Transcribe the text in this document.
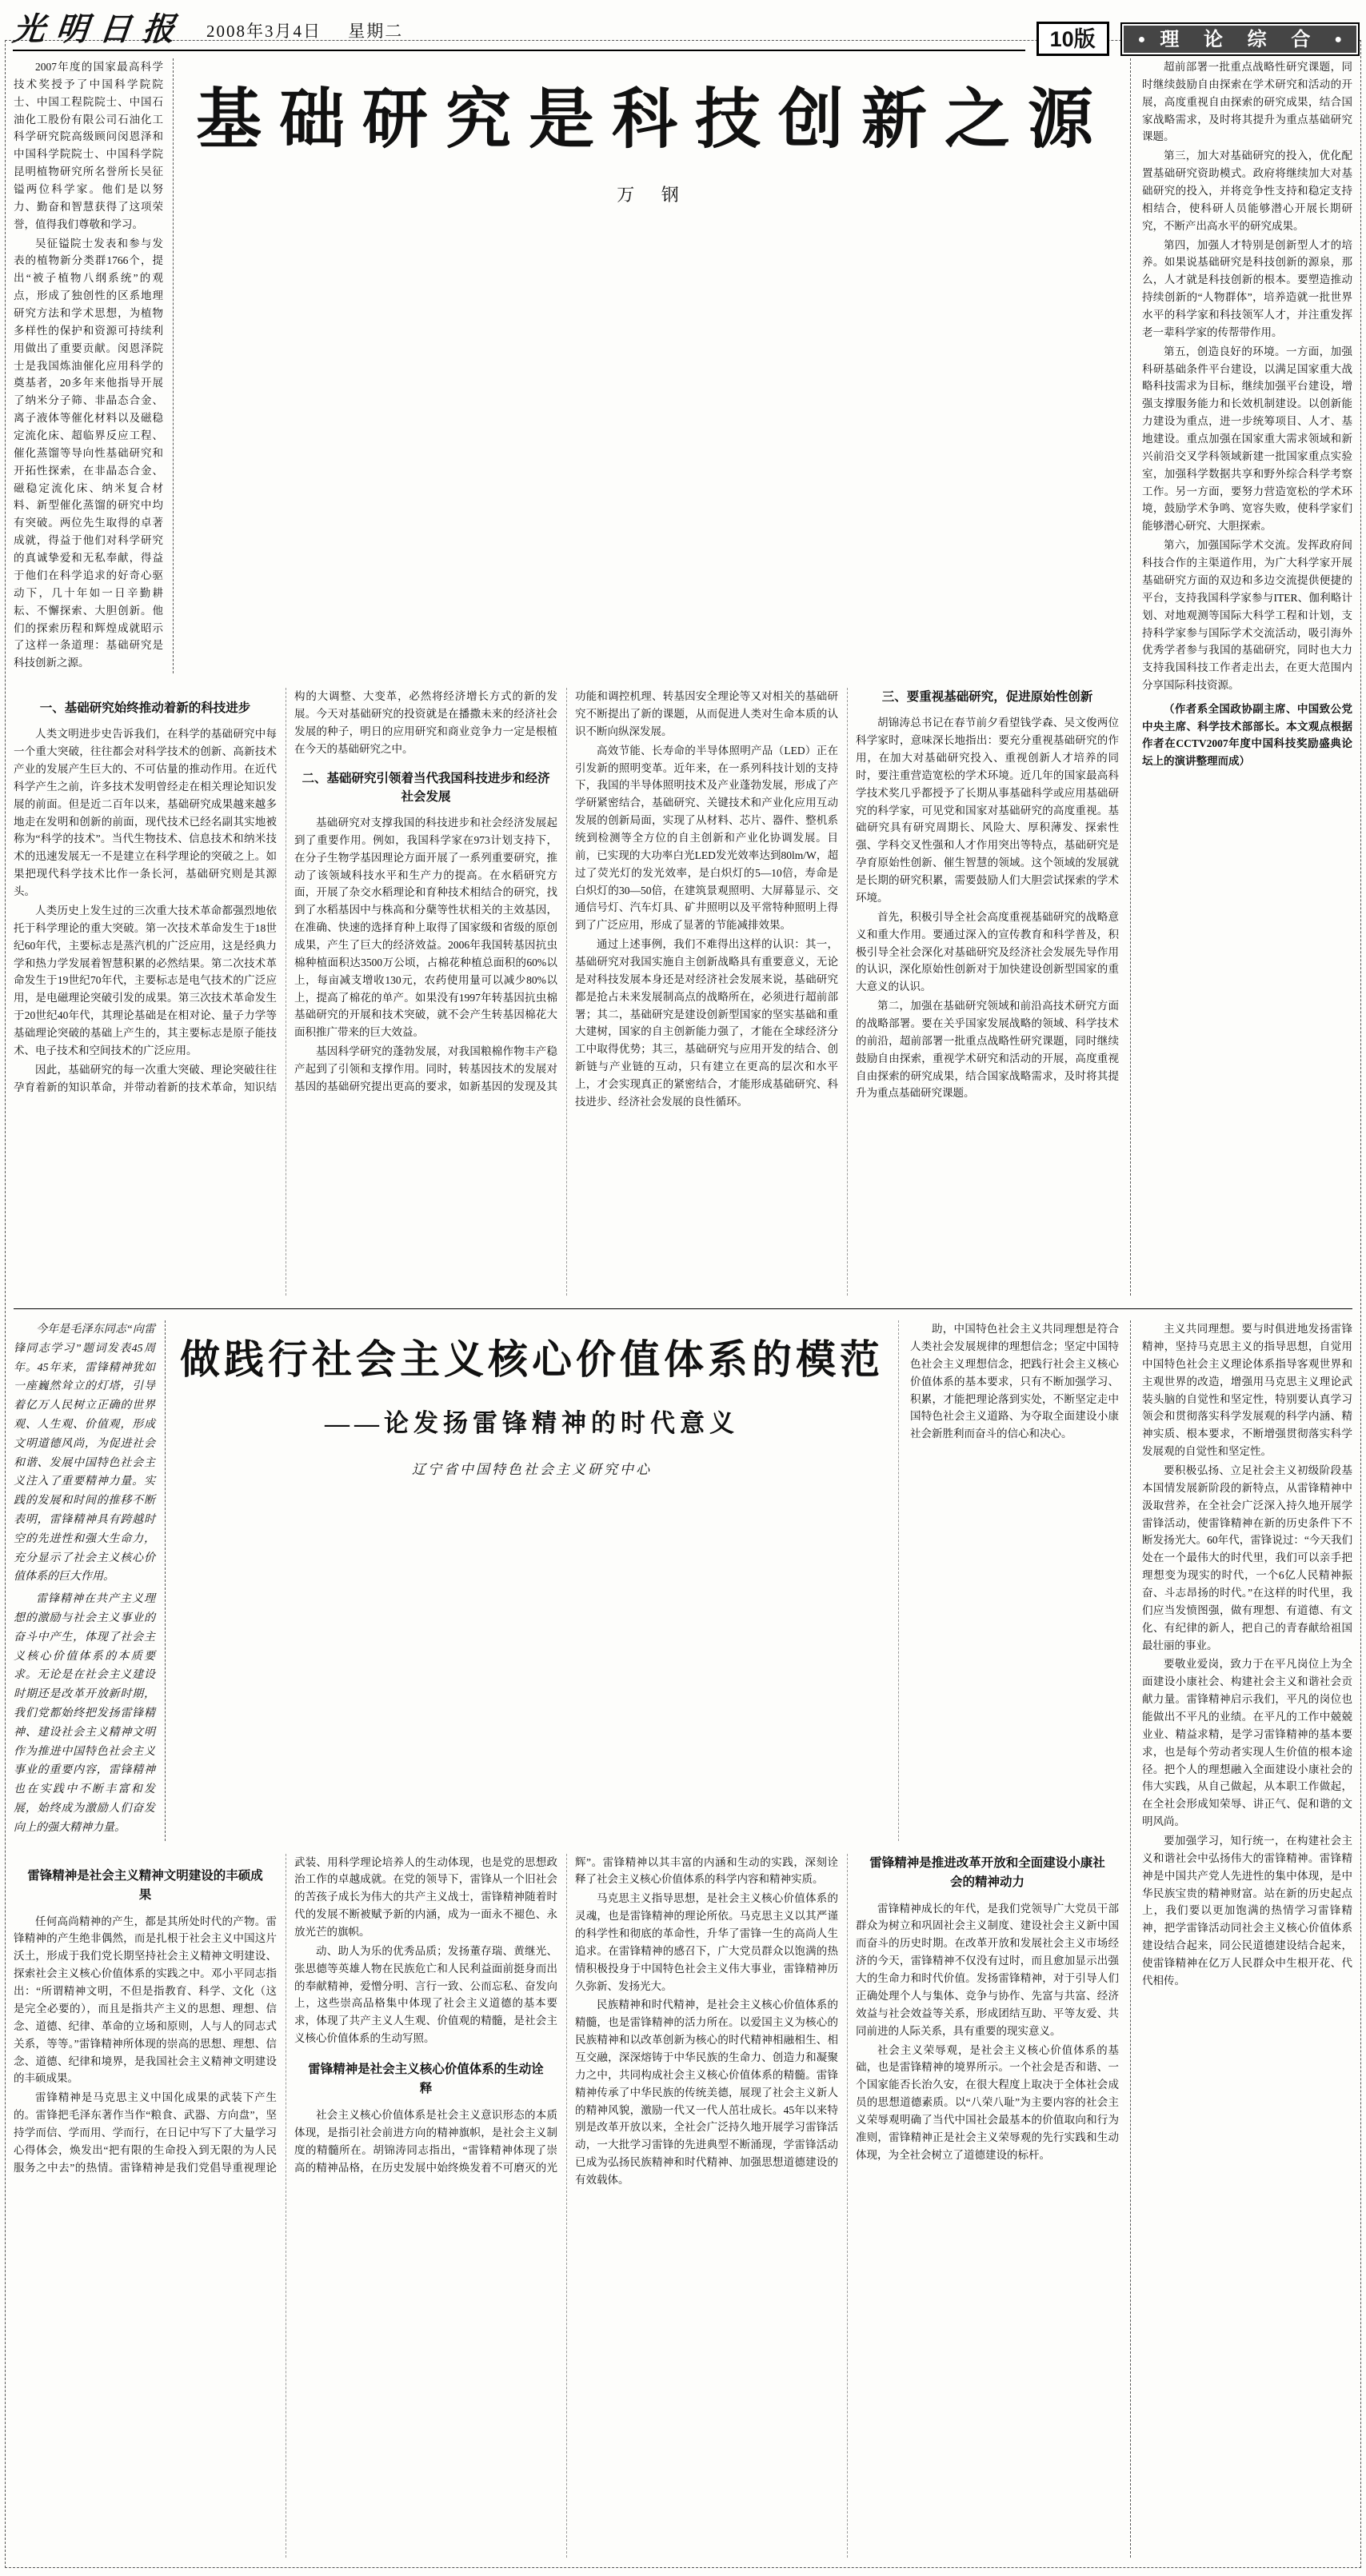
光明日报 2008年3月4日 星期二	10版	● 理 论 综 合 ●

2007年度的国家最高科学技术奖授予了中国科学院院士、中国工程院院士、中国石油化工股份有限公司石油化工科学研究院高级顾问闵恩泽和中国科学院院士、中国科学院昆明植物研究所名誉所长吴征镒两位科学家。他们是以努力、勤奋和智慧获得了这项荣誉，值得我们尊敬和学习。

吴征镒院士发表和参与发表的植物新分类群1766个，提出“被子植物八纲系统”的观点，形成了独创性的区系地理研究方法和学术思想，为植物多样性的保护和资源可持续利用做出了重要贡献。闵恩泽院士是我国炼油催化应用科学的奠基者，20多年来他指导开展了纳米分子筛、非晶态合金、离子液体等催化材料以及磁稳定流化床、超临界反应工程、催化蒸馏等导向性基础研究和开拓性探索，在非晶态合金、磁稳定流化床、纳米复合材料、新型催化蒸馏的研究中均有突破。两位先生取得的卓著成就，得益于他们对科学研究的真诚挚爱和无私奉献，得益于他们在科学追求的好奇心驱动下，几十年如一日辛勤耕耘、不懈探索、大胆创新。他们的探索历程和辉煌成就昭示了这样一条道理：基础研究是科技创新之源。

基础研究是科技创新之源
万 钢
一、基础研究始终推动着新的科技进步

人类文明进步史告诉我们，在科学的基础研究中每一个重大突破，往往都会对科学技术的创新、高新技术产业的发展产生巨大的、不可估量的推动作用。在近代科学产生之前，许多技术发明曾经走在相关理论知识发展的前面。但是近二百年以来，基础研究成果越来越多地走在发明和创新的前面，现代技术已经名副其实地被称为“科学的技术”。当代生物技术、信息技术和纳米技术的迅速发展无一不是建立在科学理论的突破之上。如果把现代科学技术比作一条长河，基础研究则是其源头。

人类历史上发生过的三次重大技术革命都强烈地依托于科学理论的重大突破。第一次技术革命发生于18世纪60年代，主要标志是蒸汽机的广泛应用，这是经典力学和热力学发展着智慧积累的必然结果。第二次技术革命发生于19世纪70年代，主要标志是电气技术的广泛应用，是电磁理论突破引发的成果。第三次技术革命发生于20世纪40年代，其理论基础是在相对论、量子力学等基础理论突破的基础上产生的，其主要标志是原子能技术、电子技术和空间技术的广泛应用。

因此，基础研究的每一次重大突破、理论突破往往孕育着新的知识革命，并带动着新的技术革命，知识结构的大调整、大变革，必然将经济增长方式的新的发展。今天对基础研究的投资就是在播撒未来的经济社会发展的种子，明日的应用研究和商业竞争力一定是根植在今天的基础研究之中。

二、基础研究引领着当代我国科技进步和经济社会发展

基础研究对支撑我国的科技进步和社会经济发展起到了重要作用。例如，我国科学家在973计划支持下，在分子生物学基因理论方面开展了一系列重要研究，推动了该领域科技水平和生产力的提高。在水稻研究方面，开展了杂交水稻理论和育种技术相结合的研究，找到了水稻基因中与株高和分蘖等性状相关的主效基因，在准确、快速的选择育种上取得了国家级和省级的原创成果，产生了巨大的经济效益。2006年我国转基因抗虫棉种植面积达3500万公顷，占棉花种植总面积的60%以上，每亩减支增收130元，农药使用量可以减少80%以上，提高了棉花的单产。如果没有1997年转基因抗虫棉基础研究的开展和技术突破，就不会产生转基因棉花大面积推广带来的巨大效益。

基因科学研究的蓬勃发展，对我国粮棉作物丰产稳产起到了引领和支撑作用。同时，转基因技术的发展对基因的基础研究提出更高的要求，如新基因的发现及其功能和调控机理、转基因安全理论等又对相关的基础研究不断提出了新的课题，从而促进人类对生命本质的认识不断向纵深发展。

高效节能、长寿命的半导体照明产品（LED）正在引发新的照明变革。近年来，在一系列科技计划的支持下，我国的半导体照明技术及产业蓬勃发展，形成了产学研紧密结合，基础研究、关键技术和产业化应用互动发展的创新局面，实现了从材料、芯片、器件、整机系统到检测等全方位的自主创新和产业化协调发展。目前，已实现的大功率白光LED发光效率达到80lm/W，超过了荧光灯的发光效率，是白炽灯的5—10倍，寿命是白炽灯的30—50倍，在建筑景观照明、大屏幕显示、交通信号灯、汽车灯具、矿井照明以及平常特种照明上得到了广泛应用，形成了显著的节能减排效果。

通过上述事例，我们不难得出这样的认识：其一，基础研究对我国实施自主创新战略具有重要意义，无论是对科技发展本身还是对经济社会发展来说，基础研究都是抢占未来发展制高点的战略所在，必须进行超前部署；其二，基础研究是建设创新型国家的坚实基础和重大建树，国家的自主创新能力强了，才能在全球经济分工中取得优势；其三，基础研究与应用开发的结合、创新链与产业链的互动，只有建立在更高的层次和水平上，才会实现真正的紧密结合，才能形成基础研究、科技进步、经济社会发展的良性循环。

三、要重视基础研究，促进原始性创新

胡锦涛总书记在春节前夕看望钱学森、吴文俊两位科学家时，意味深长地指出：要充分重视基础研究的作用，在加大对基础研究投入、重视创新人才培养的同时，要注重营造宽松的学术环境。近几年的国家最高科学技术奖几乎都授予了长期从事基础科学或应用基础研究的科学家，可见党和国家对基础研究的高度重视。基础研究具有研究周期长、风险大、厚积薄发、探索性强、学科交叉性强和人才作用突出等特点，基础研究是孕育原始性创新、催生智慧的领域。这个领域的发展就是长期的研究积累，需要鼓励人们大胆尝试探索的学术环境。

首先，积极引导全社会高度重视基础研究的战略意义和重大作用。要通过深入的宣传教育和科学普及，积极引导全社会深化对基础研究及经济社会发展先导作用的认识，深化原始性创新对于加快建设创新型国家的重大意义的认识。

第二，加强在基础研究领域和前沿高技术研究方面的战略部署。要在关乎国家发展战略的领域、科学技术的前沿，超前部署一批重点战略性研究课题，同时继续鼓励自由探索，重视学术研究和活动的开展，高度重视自由探索的研究成果，结合国家战略需求，及时将其提升为重点基础研究课题。

超前部署一批重点战略性研究课题，同时继续鼓励自由探索在学术研究和活动的开展，高度重视自由探索的研究成果，结合国家战略需求，及时将其提升为重点基础研究课题。

第三，加大对基础研究的投入，优化配置基础研究资助模式。政府将继续加大对基础研究的投入，并将竞争性支持和稳定支持相结合，使科研人员能够潜心开展长期研究，不断产出高水平的研究成果。

第四，加强人才特别是创新型人才的培养。如果说基础研究是科技创新的源泉，那么，人才就是科技创新的根本。要塑造推动持续创新的“人物群体”，培养造就一批世界水平的科学家和科技领军人才，并注重发挥老一辈科学家的传帮带作用。

第五，创造良好的环境。一方面，加强科研基础条件平台建设，以满足国家重大战略科技需求为目标，继续加强平台建设，增强支撑服务能力和长效机制建设。以创新能力建设为重点，进一步统筹项目、人才、基地建设。重点加强在国家重大需求领域和新兴前沿交叉学科领域新建一批国家重点实验室，加强科学数据共享和野外综合科学考察工作。另一方面，要努力营造宽松的学术环境，鼓励学术争鸣、宽容失败，使科学家们能够潜心研究、大胆探索。

第六，加强国际学术交流。发挥政府间科技合作的主渠道作用，为广大科学家开展基础研究方面的双边和多边交流提供便捷的平台，支持我国科学家参与ITER、伽利略计划、对地观测等国际大科学工程和计划，支持科学家参与国际学术交流活动，吸引海外优秀学者参与我国的基础研究，同时也大力支持我国科技工作者走出去，在更大范围内分享国际科技资源。

（作者系全国政协副主席、中国致公党中央主席、科学技术部部长。本文观点根据作者在CCTV2007年度中国科技奖励盛典论坛上的演讲整理而成）

今年是毛泽东同志“向雷锋同志学习”题词发表45周年。45年来，雷锋精神犹如一座巍然耸立的灯塔，引导着亿万人民树立正确的世界观、人生观、价值观，形成文明道德风尚，为促进社会和谐、发展中国特色社会主义注入了重要精神力量。实践的发展和时间的推移不断表明，雷锋精神具有跨越时空的先进性和强大生命力，充分显示了社会主义核心价值体系的巨大作用。

雷锋精神在共产主义理想的激励与社会主义事业的奋斗中产生，体现了社会主义核心价值体系的本质要求。无论是在社会主义建设时期还是改革开放新时期，我们党都始终把发扬雷锋精神、建设社会主义精神文明作为推进中国特色社会主义事业的重要内容，雷锋精神也在实践中不断丰富和发展，始终成为激励人们奋发向上的强大精神力量。

做践行社会主义核心价值体系的模范
——论发扬雷锋精神的时代意义
辽宁省中国特色社会主义研究中心

助，中国特色社会主义共同理想是符合人类社会发展规律的理想信念；坚定中国特色社会主义理想信念，把践行社会主义核心价值体系的基本要求，只有不断加强学习、积累，才能把理论落到实处，不断坚定走中国特色社会主义道路、为夺取全面建设小康社会新胜利而奋斗的信心和决心。

雷锋精神是社会主义精神文明建设的丰硕成果

任何高尚精神的产生，都是其所处时代的产物。雷锋精神的产生绝非偶然，而是扎根于社会主义中国这片沃土，形成于我们党长期坚持社会主义精神文明建设、探索社会主义核心价值体系的实践之中。邓小平同志指出：“所谓精神文明，不但是指教育、科学、文化（这是完全必要的），而且是指共产主义的思想、理想、信念、道德、纪律、革命的立场和原则，人与人的同志式关系，等等。”雷锋精神所体现的崇高的思想、理想、信念、道德、纪律和境界，是我国社会主义精神文明建设的丰硕成果。

雷锋精神是马克思主义中国化成果的武装下产生的。雷锋把毛泽东著作当作“粮食、武器、方向盘”，坚持学而信、学而用、学而行，在日记中写下了大量学习心得体会，焕发出“把有限的生命投入到无限的为人民服务之中去”的热情。雷锋精神是我们党倡导重视理论武装、用科学理论培养人的生动体现，也是党的思想政治工作的卓越成就。在党的领导下，雷锋从一个旧社会的苦孩子成长为伟大的共产主义战士，雷锋精神随着时代的发展不断被赋予新的内涵，成为一面永不褪色、永放光芒的旗帜。

动、助人为乐的优秀品质；发扬董存瑞、黄继光、张思德等英雄人物在民族危亡和人民利益面前挺身而出的奉献精神，爱憎分明、言行一致、公而忘私、奋发向上，这些崇高品格集中体现了社会主义道德的基本要求，体现了共产主义人生观、价值观的精髓，是社会主义核心价值体系的生动写照。

雷锋精神是社会主义核心价值体系的生动诠释

社会主义核心价值体系是社会主义意识形态的本质体现，是指引社会前进方向的精神旗帜，是社会主义制度的精髓所在。胡锦涛同志指出，“雷锋精神体现了崇高的精神品格，在历史发展中始终焕发着不可磨灭的光辉”。雷锋精神以其丰富的内涵和生动的实践，深刻诠释了社会主义核心价值体系的科学内容和精神实质。

马克思主义指导思想，是社会主义核心价值体系的灵魂，也是雷锋精神的理论所依。马克思主义以其严谨的科学性和彻底的革命性，升华了雷锋一生的高尚人生追求。在雷锋精神的感召下，广大党员群众以饱满的热情积极投身于中国特色社会主义伟大事业，雷锋精神历久弥新、发扬光大。

民族精神和时代精神，是社会主义核心价值体系的精髓，也是雷锋精神的活力所在。以爱国主义为核心的民族精神和以改革创新为核心的时代精神相融相生、相互交融，深深熔铸于中华民族的生命力、创造力和凝聚力之中，共同构成社会主义核心价值体系的精髓。雷锋精神传承了中华民族的传统美德，展现了社会主义新人的精神风貌，激励一代又一代人茁壮成长。45年以来特别是改革开放以来，全社会广泛持久地开展学习雷锋活动，一大批学习雷锋的先进典型不断涌现，学雷锋活动已成为弘扬民族精神和时代精神、加强思想道德建设的有效载体。

雷锋精神是推进改革开放和全面建设小康社会的精神动力

雷锋精神成长的年代，是我们党领导广大党员干部群众为树立和巩固社会主义制度、建设社会主义新中国而奋斗的历史时期。在改革开放和发展社会主义市场经济的今天，雷锋精神不仅没有过时，而且愈加显示出强大的生命力和时代价值。发扬雷锋精神，对于引导人们正确处理个人与集体、竞争与协作、先富与共富、经济效益与社会效益等关系，形成团结互助、平等友爱、共同前进的人际关系，具有重要的现实意义。

社会主义荣辱观，是社会主义核心价值体系的基础，也是雷锋精神的境界所示。一个社会是否和谐、一个国家能否长治久安，在很大程度上取决于全体社会成员的思想道德素质。以“八荣八耻”为主要内容的社会主义荣辱观明确了当代中国社会最基本的价值取向和行为准则，雷锋精神正是社会主义荣辱观的先行实践和生动体现，为全社会树立了道德建设的标杆。

主义共同理想。要与时俱进地发扬雷锋精神，坚持马克思主义的指导思想，自觉用中国特色社会主义理论体系指导客观世界和主观世界的改造，增强用马克思主义理论武装头脑的自觉性和坚定性，特别要认真学习领会和贯彻落实科学发展观的科学内涵、精神实质、根本要求，不断增强贯彻落实科学发展观的自觉性和坚定性。

要积极弘扬、立足社会主义初级阶段基本国情发展新阶段的新特点，从雷锋精神中汲取营养，在全社会广泛深入持久地开展学雷锋活动，使雷锋精神在新的历史条件下不断发扬光大。60年代，雷锋说过：“今天我们处在一个最伟大的时代里，我们可以亲手把理想变为现实的时代，一个6亿人民精神振奋、斗志昂扬的时代。”在这样的时代里，我们应当发愤图强，做有理想、有道德、有文化、有纪律的新人，把自己的青春献给祖国最壮丽的事业。

要敬业爱岗，致力于在平凡岗位上为全面建设小康社会、构建社会主义和谐社会贡献力量。雷锋精神启示我们，平凡的岗位也能做出不平凡的业绩。在平凡的工作中兢兢业业、精益求精，是学习雷锋精神的基本要求，也是每个劳动者实现人生价值的根本途径。把个人的理想融入全面建设小康社会的伟大实践，从自己做起，从本职工作做起，在全社会形成知荣辱、讲正气、促和谐的文明风尚。

要加强学习，知行统一，在构建社会主义和谐社会中弘扬伟大的雷锋精神。雷锋精神是中国共产党人先进性的集中体现，是中华民族宝贵的精神财富。站在新的历史起点上，我们要以更加饱满的热情学习雷锋精神，把学雷锋活动同社会主义核心价值体系建设结合起来，同公民道德建设结合起来，使雷锋精神在亿万人民群众中生根开花、代代相传。
